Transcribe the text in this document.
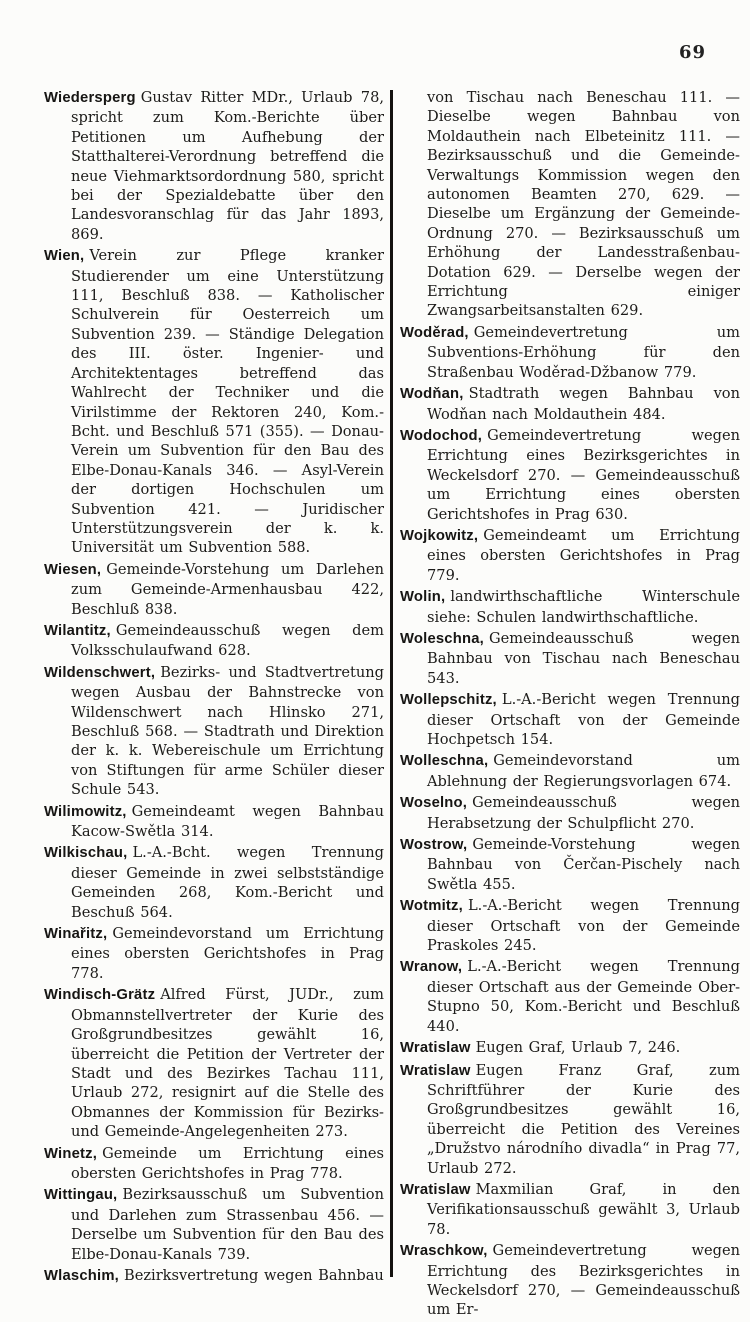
69

Wiedersperg Gustav Ritter MDr., Urlaub 78, spricht zum Kom.-Berichte über Petitionen um Aufhebung der Statthalterei-Verordnung betreffend die neue Viehmarktsordordnung 580, spricht bei der Spezialdebatte über den Landesvoranschlag für das Jahr 1893, 869.

Wien, Verein zur Pflege kranker Studierender um eine Unterstützung 111, Beschluß 838. — Katholischer Schulverein für Oesterreich um Subvention 239. — Ständige Delegation des III. öster. Ingenier- und Architektentages betreffend das Wahlrecht der Techniker und die Virilstimme der Rektoren 240, Kom.-Bcht. und Beschluß 571 (355). — Donau-Verein um Subvention für den Bau des Elbe-Donau-Kanals 346. — Asyl-Verein der dortigen Hochschulen um Subvention 421. — Juridischer Unterstützungsverein der k. k. Universität um Subvention 588.

Wiesen, Gemeinde-Vorstehung um Darlehen zum Gemeinde-Armenhausbau 422, Beschluß 838.

Wilantitz, Gemeindeausschuß wegen dem Volksschulaufwand 628.

Wildenschwert, Bezirks- und Stadtvertretung wegen Ausbau der Bahnstrecke von Wildenschwert nach Hlinsko 271, Beschluß 568. — Stadtrath und Direktion der k. k. Webereischule um Errichtung von Stiftungen für arme Schüler dieser Schule 543.

Wilimowitz, Gemeindeamt wegen Bahnbau Kacow-Swětla 314.

Wilkischau, L.-A.-Bcht. wegen Trennung dieser Gemeinde in zwei selbstständige Gemeinden 268, Kom.-Bericht und Beschuß 564.

Winařitz, Gemeindevorstand um Errichtung eines obersten Gerichtshofes in Prag 778.

Windisch-Grätz Alfred Fürst, JUDr., zum Obmannstellvertreter der Kurie des Großgrundbesitzes gewählt 16, überreicht die Petition der Vertreter der Stadt und des Bezirkes Tachau 111, Urlaub 272, resignirt auf die Stelle des Obmannes der Kommission für Bezirks- und Gemeinde-Angelegenheiten 273.

Winetz, Gemeinde um Errichtung eines obersten Gerichtshofes in Prag 778.

Wittingau, Bezirksausschuß um Subvention und Darlehen zum Strassenbau 456. — Derselbe um Subvention für den Bau des Elbe-Donau-Kanals 739.

Wlaschim, Bezirksvertretung wegen Bahnbau

von Tischau nach Beneschau 111. — Dieselbe wegen Bahnbau von Moldauthein nach Elbeteinitz 111. — Bezirksausschuß und die Gemeinde-Verwaltungs Kommission wegen den autonomen Beamten 270, 629. — Dieselbe um Ergänzung der Gemeinde-Ordnung 270. — Bezirksausschuß um Erhöhung der Landesstraßenbau-Dotation 629. — Derselbe wegen der Errichtung einiger Zwangsarbeitsanstalten 629.

Woděrad, Gemeindevertretung um Subventions-Erhöhung für den Straßenbau Woděrad-Džbanow 779.

Wodňan, Stadtrath wegen Bahnbau von Wodňan nach Moldauthein 484.

Wodochod, Gemeindevertretung wegen Errichtung eines Bezirksgerichtes in Weckelsdorf 270. — Gemeindeausschuß um Errichtung eines obersten Gerichtshofes in Prag 630.

Wojkowitz, Gemeindeamt um Errichtung eines obersten Gerichtshofes in Prag 779.

Wolin, landwirthschaftliche Winterschule siehe: Schulen landwirthschaftliche.

Woleschna, Gemeindeausschuß wegen Bahnbau von Tischau nach Beneschau 543.

Wollepschitz, L.-A.-Bericht wegen Trennung dieser Ortschaft von der Gemeinde Hochpetsch 154.

Wolleschna, Gemeindevorstand um Ablehnung der Regierungsvorlagen 674.

Woselno, Gemeindeausschuß wegen Herabsetzung der Schulpflicht 270.

Wostrow, Gemeinde-Vorstehung wegen Bahnbau von Čerčan-Pischely nach Swětla 455.

Wotmitz, L.-A.-Bericht wegen Trennung dieser Ortschaft von der Gemeinde Praskoles 245.

Wranow, L.-A.-Bericht wegen Trennung dieser Ortschaft aus der Gemeinde Ober-Stupno 50, Kom.-Bericht und Beschluß 440.

Wratislaw Eugen Graf, Urlaub 7, 246.

Wratislaw Eugen Franz Graf, zum Schriftführer der Kurie des Großgrundbesitzes gewählt 16, überreicht die Petition des Vereines „Družstvo národního divadla“ in Prag 77, Urlaub 272.

Wratislaw Maxmilian Graf, in den Verifikationsausschuß gewählt 3, Urlaub 78.

Wraschkow, Gemeindevertretung wegen Errichtung des Bezirksgerichtes in Weckelsdorf 270, — Gemeindeausschuß um Er-
